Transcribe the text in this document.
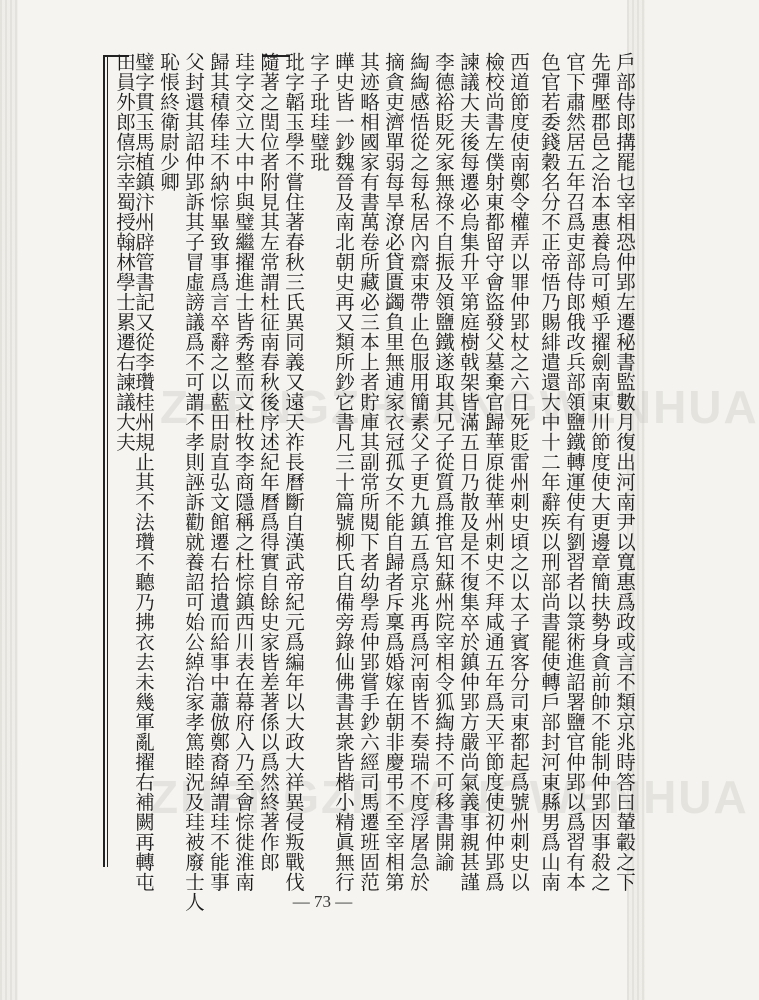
ZHENGZHUANGWENHUA
ZHENGZHUANGWENHUA
戶部侍郎搆罷乜宰相恐仲郢左遷秘書監數月復出河南尹以寬惠爲政或言不類京兆時答曰輦轂之下
先彈壓郡邑之治本惠養烏可頰乎擢劍南東川節度使大更邊章簡扶勢身貪前帥不能制仲郢因事殺之
官下肅然居五年召爲吏部侍郎俄改兵部領鹽鐵轉運使有劉習者以箓術進詔署鹽官仲郢以爲習有本
色官若委錢穀名分不正帝悟乃賜緋遣還大中十二年辭疾以刑部尚書罷使轉戶部封河東縣男爲山南
西道節度使南鄭令權弄以罪仲郢杖之六日死貶雷州刺史頃之以太子賓客分司東都起爲號州刺史以
檢校尚書左僕射東都留守會盜發父墓棄官歸華原徙華州刺史不拜咸通五年爲天平節度使初仲郢爲
諫議大夫後每遷必烏集升平第庭樹戟架皆滿五日乃散及是不復集卒於鎮仲郢方嚴尚氣義事親甚謹
李德裕貶死家無祿不自振及領鹽鐵遂取其兄子從質爲推官知蘇州院宰相令狐綯持不可移書開諭
綯綯感悟從之每私居內齋束帶止色服用簡素父子更九鎮五爲京兆再爲河南皆不奏瑞不度浮屠急於
摘貪吏濟單弱每旱潦必貸匱蠲負里無逋家衣冠孤女不能自歸者斥稟爲婚嫁在朝非慶弔不至宰相第
其迹略相國家有書萬卷所藏必三本上者貯庫其副常所閱下者幼學焉仲郢嘗手鈔六經司馬遷班固范
曄史皆一鈔魏晉及南北朝史再又類所鈔它書凡三十篇號柳氏自備旁錄仙佛書甚衆皆楷小精眞無行
字子玭珪璧玭
玭字韜玉學不嘗住著春秋三氏異同義又遠天祚長曆斷自漢武帝紀元爲編年以大政大祥異侵叛戰伐
隨著之閏位者附見其左常謂杜征南春秋後序述紀年曆爲得實自餘史家皆差著係以爲然終著作郎
珪字交立大中中與璧繼擢進士皆秀整而文杜牧李商隱稱之杜悰鎮西川表在幕府入乃至會悰徙淮南
歸其積俸珪不納悰畢致事爲言卒辭之以藍田尉直弘文館遷右拾遺而給事中蕭倣鄭裔綽謂珪不能事
父封還其詔仲郢訴其子冒虛謗議爲不可謂不孝則誣訴勸就養詔可始公綽治家孝篤睦況及珪被廢士人
恥悵終衛尉少卿
璧字貫玉馬植鎮汴州辟管書記又從李瓚桂州規止其不法瓚不聽乃拂衣去未幾軍亂擢右補闕再轉屯
田員外郎僖宗幸蜀授翰林學士累遷右諫議大夫
— 73 —
